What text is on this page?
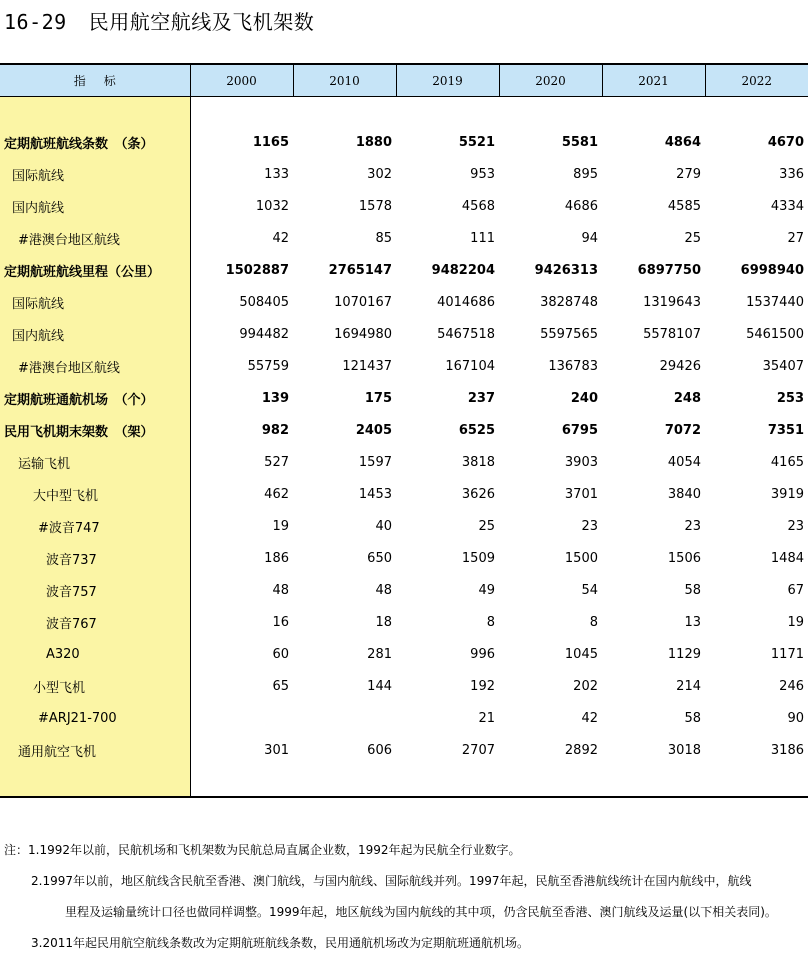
16-29 民用航空航线及飞机架数
指标	2000	2010	2019	2020	2021	2022

定期航班航线条数　（条）	1165	1880	5521	5581	4864	4670
国际航线	133	302	953	895	279	336
国内航线	1032	1578	4568	4686	4585	4334
#港澳台地区航线	42	85	111	94	25	27
定期航班航线里程（公里）	1502887	2765147	9482204	9426313	6897750	6998940
国际航线	508405	1070167	4014686	3828748	1319643	1537440
国内航线	994482	1694980	5467518	5597565	5578107	5461500
#港澳台地区航线	55759	121437	167104	136783	29426	35407
定期航班通航机场　（个）	139	175	237	240	248	253
民用飞机期末架数　（架）	982	2405	6525	6795	7072	7351
运输飞机	527	1597	3818	3903	4054	4165
大中型飞机	462	1453	3626	3701	3840	3919
#波音747	19	40	25	23	23	23
波音737	186	650	1509	1500	1506	1484
波音757	48	48	49	54	58	67
波音767	16	18	8	8	13	19
A320	60	281	996	1045	1129	1171
小型飞机	65	144	192	202	214	246
#ARJ21-700			21	42	58	90
通用航空飞机	301	606	2707	2892	3018	3186

注：1.1992年以前，民航机场和飞机架数为民航总局直属企业数，1992年起为民航全行业数字。
2.1997年以前，地区航线含民航至香港、澳门航线，与国内航线、国际航线并列。1997年起，民航至香港航线统计在国内航线中，航线
里程及运输量统计口径也做同样调整。1999年起，地区航线为国内航线的其中项，仍含民航至香港、澳门航线及运量(以下相关表同)。
3.2011年起民用航空航线条数改为定期航班航线条数，民用通航机场改为定期航班通航机场。
